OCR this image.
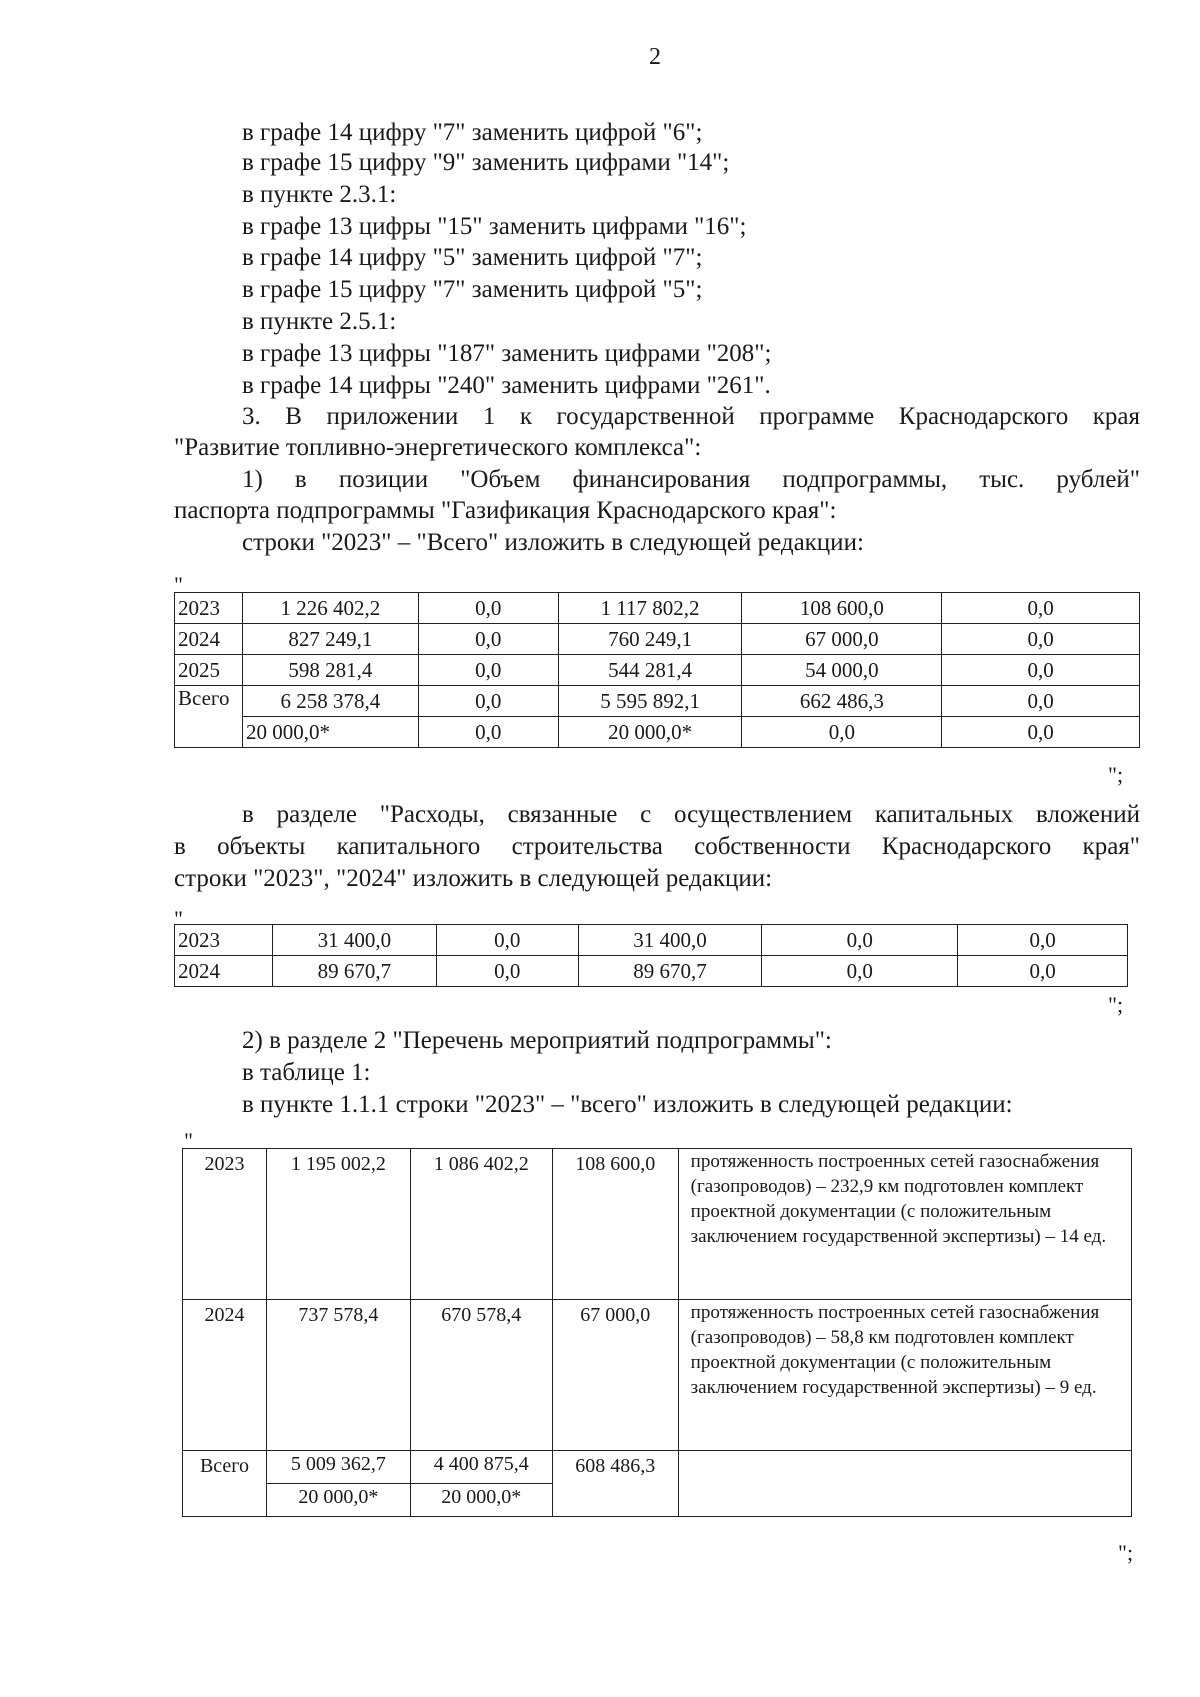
2
в графе 14 цифру "7" заменить цифрой "6";
в графе 15 цифру "9" заменить цифрами "14";
в пункте 2.3.1:
в графе 13 цифры "15" заменить цифрами "16";
в графе 14 цифру "5" заменить цифрой "7";
в графе 15 цифру "7" заменить цифрой "5";
в пункте 2.5.1:
в графе 13 цифры "187" заменить цифрами "208";
в графе 14 цифры "240" заменить цифрами "261".
3. В приложении 1 к государственной программе Краснодарского края
"Развитие топливно-энергетического комплекса":
1) в позиции "Объем финансирования подпрограммы, тыс. рублей"
паспорта подпрограммы "Газификация Краснодарского края":
строки "2023" – "Всего" изложить в следующей редакции:
"
2023	1 226 402,2	0,0	1 117 802,2	108 600,0	0,0
2024	827 249,1	0,0	760 249,1	67 000,0	0,0
2025	598 281,4	0,0	544 281,4	54 000,0	0,0
Всего	6 258 378,4	0,0	5 595 892,1	662 486,3	0,0
	20 000,0*	0,0	20 000,0*	0,0	0,0
";
в разделе "Расходы, связанные с осуществлением капитальных вложений
в объекты капитального строительства собственности Краснодарского края"
строки "2023", "2024" изложить в следующей редакции:
"
2023	31 400,0	0,0	31 400,0	0,0	0,0
2024	89 670,7	0,0	89 670,7	0,0	0,0
";
2) в разделе 2 "Перечень мероприятий подпрограммы":
в таблице 1:
в пункте 1.1.1 строки "2023" – "всего" изложить в следующей редакции:
"
2023	1 195 002,2	1 086 402,2	108 600,0	протяженность построенных сетей газоснабжения (газопроводов) – 232,9 км подготовлен комплект проектной документации (с положительным заключением государственной экспертизы) – 14 ед.
2024	737 578,4	670 578,4	67 000,0	протяженность построенных сетей газоснабжения (газопроводов) – 58,8 км подготовлен комплект проектной документации (с положительным заключением государственной экспертизы) – 9 ед.
Всего	5 009 362,7	4 400 875,4	608 486,3	
	20 000,0*	20 000,0*		
";
